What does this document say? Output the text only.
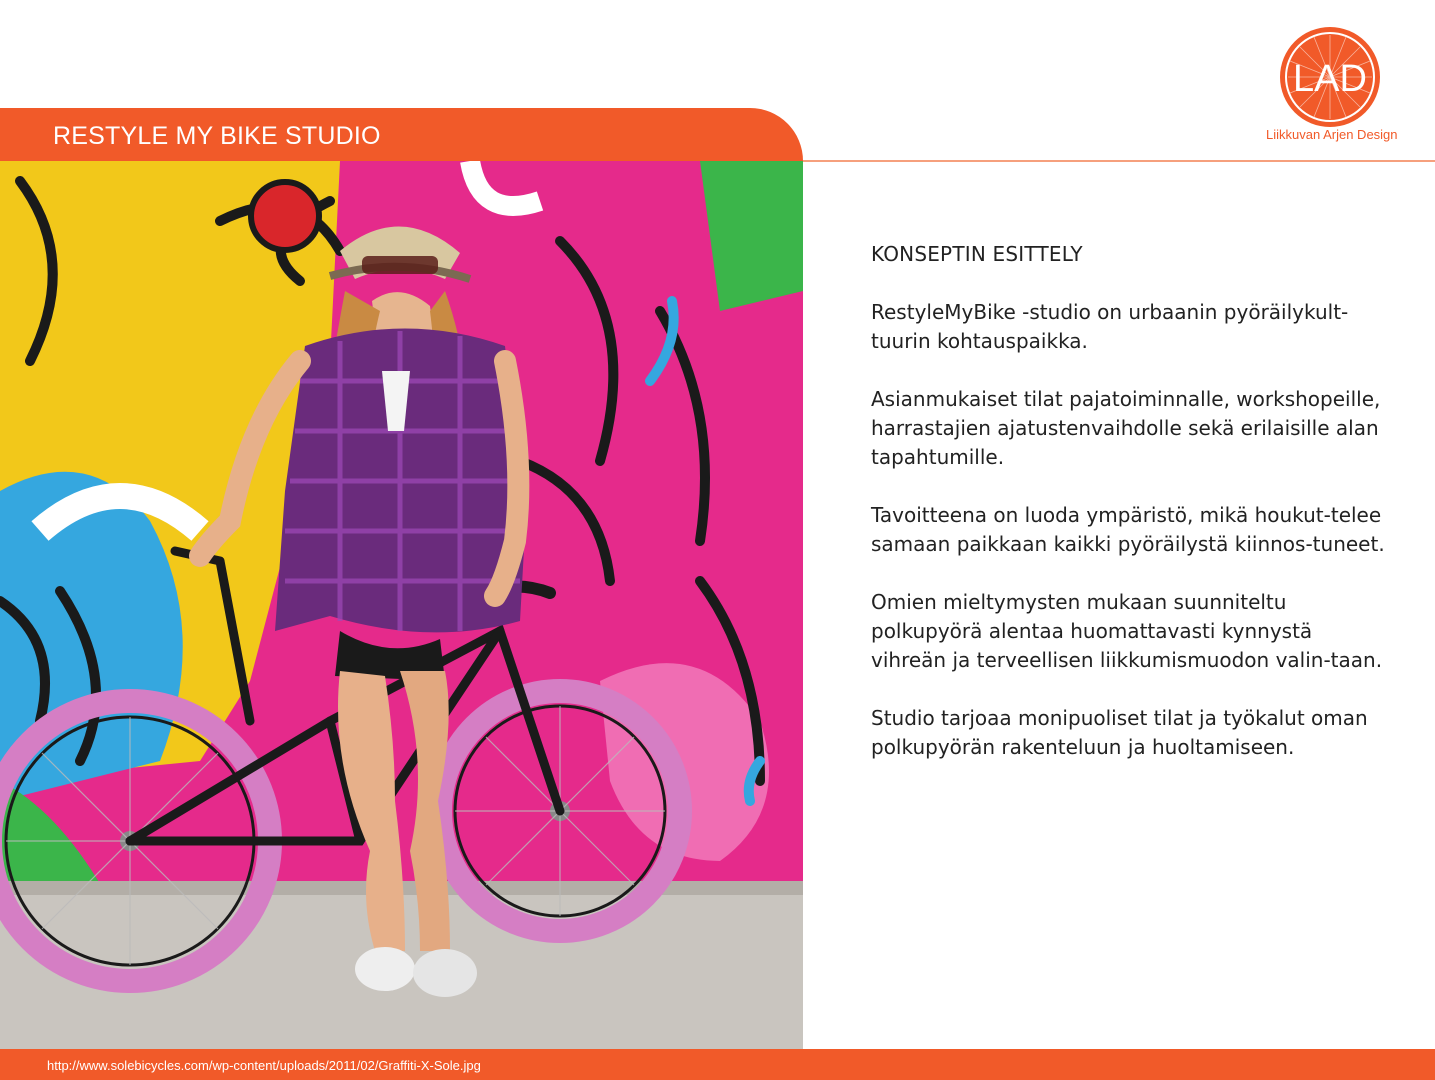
RESTYLE MY BIKE STUDIO
LAD
Liikkuvan Arjen Design
KONSEPTIN ESITTELY

RestyleMyBike -studio on urbaanin pyöräilykult-tuurin kohtauspaikka.

Asianmukaiset tilat pajatoiminnalle, workshopeille, harrastajien ajatustenvaihdolle sekä erilaisille alan tapahtumille.

Tavoitteena on luoda ympäristö, mikä houkut-telee samaan paikkaan kaikki pyöräilystä kiinnos-tuneet.

Omien mieltymysten mukaan suunniteltu polkupyörä alentaa huomattavasti kynnystä vihreän ja terveellisen liikkumismuodon valin-taan.

Studio tarjoaa monipuoliset tilat ja työkalut oman polkupyörän rakenteluun ja huoltamiseen.

http://www.solebicycles.com/wp-content/uploads/2011/02/Graffiti-X-Sole.jpg
